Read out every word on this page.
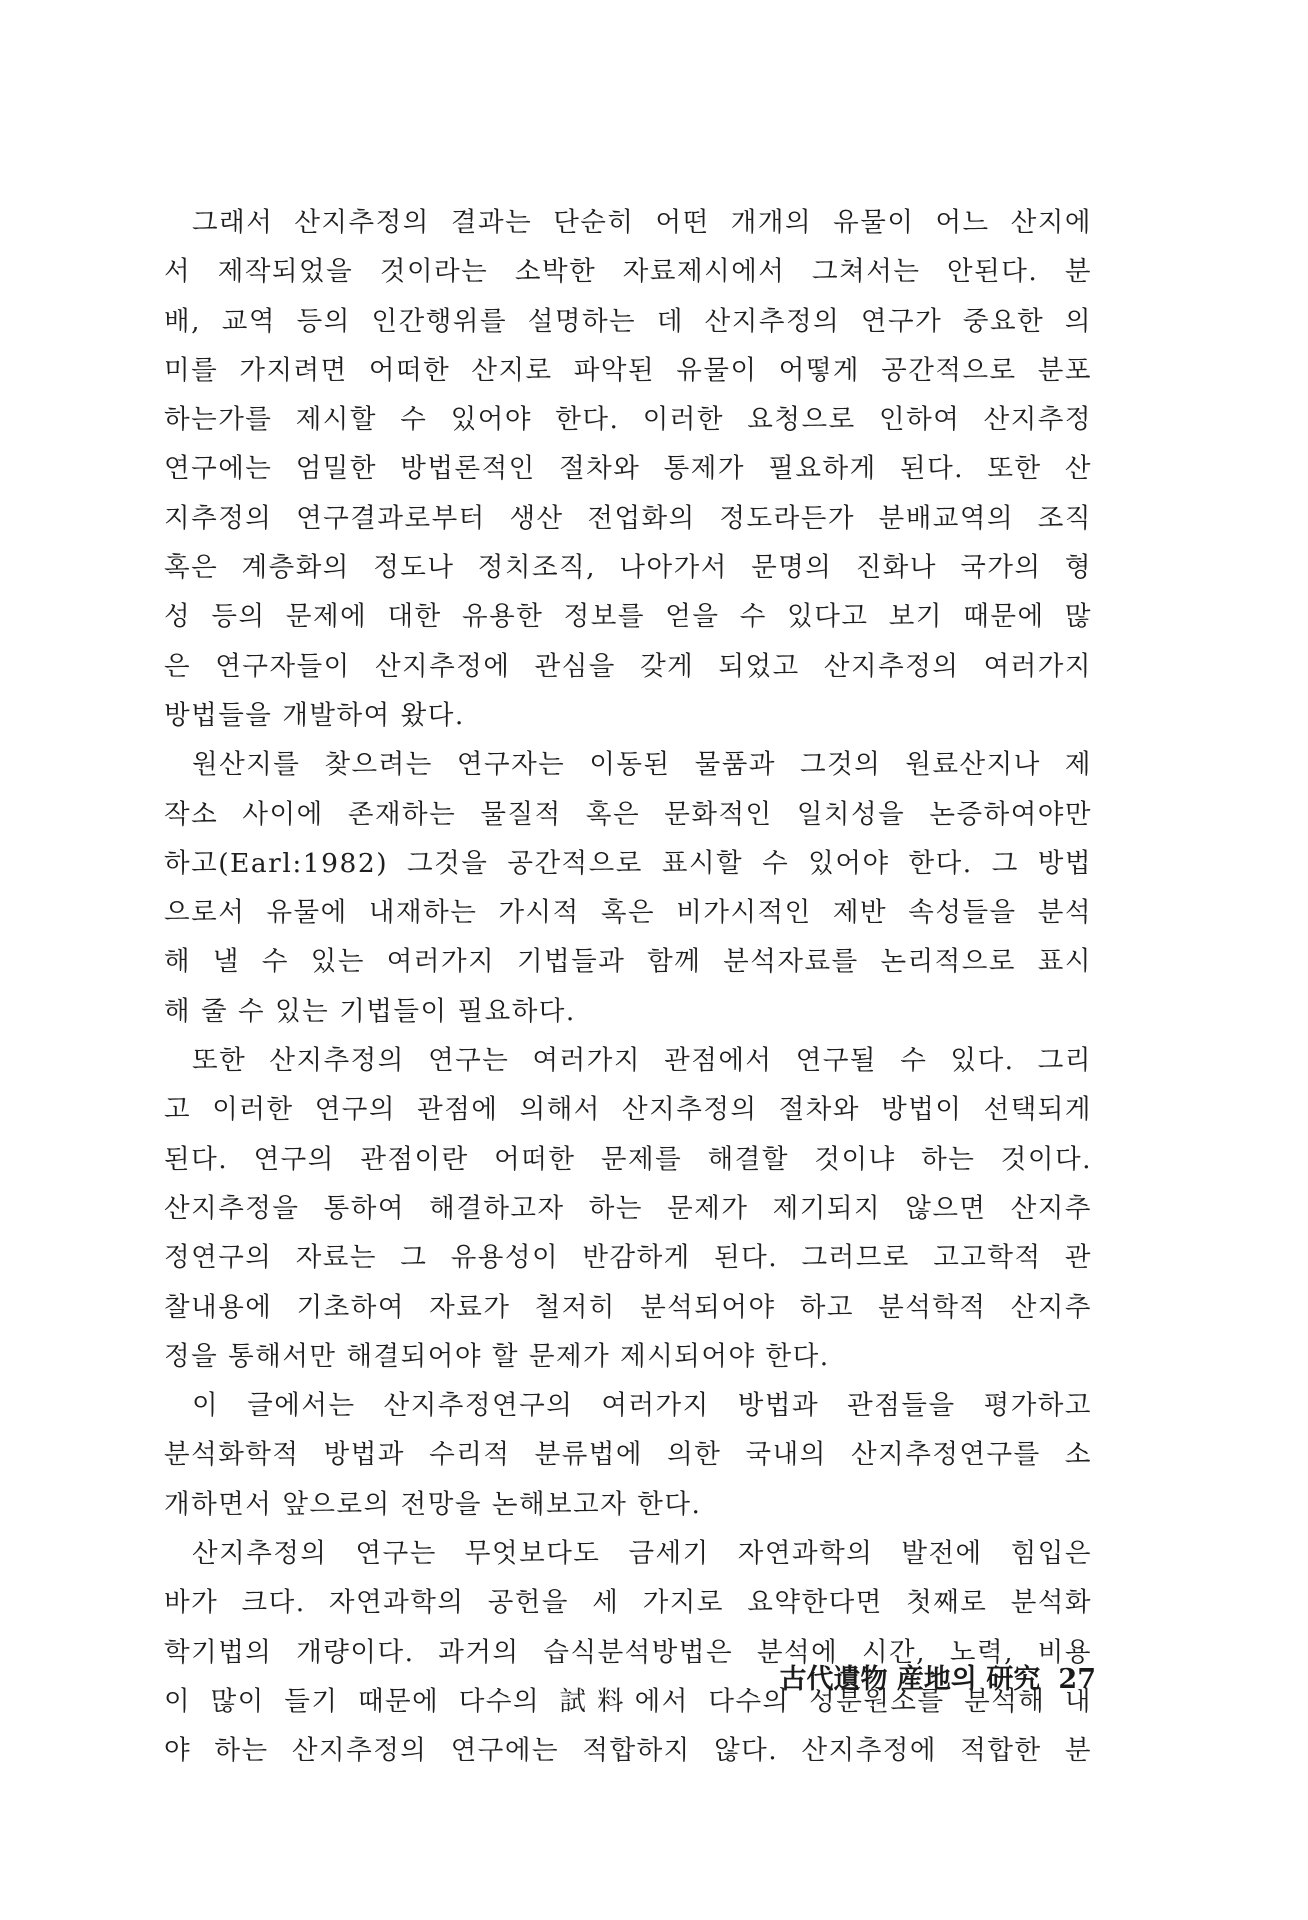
그래서 산지추정의 결과는 단순히 어떤 개개의 유물이 어느 산지에
서 제작되었을 것이라는 소박한 자료제시에서 그쳐서는 안된다. 분
배, 교역 등의 인간행위를 설명하는 데 산지추정의 연구가 중요한 의
미를 가지려면 어떠한 산지로 파악된 유물이 어떻게 공간적으로 분포
하는가를 제시할 수 있어야 한다. 이러한 요청으로 인하여 산지추정
연구에는 엄밀한 방법론적인 절차와 통제가 필요하게 된다. 또한 산
지추정의 연구결과로부터 생산 전업화의 정도라든가 분배교역의 조직
혹은 계층화의 정도나 정치조직, 나아가서 문명의 진화나 국가의 형
성 등의 문제에 대한 유용한 정보를 얻을 수 있다고 보기 때문에 많
은 연구자들이 산지추정에 관심을 갖게 되었고 산지추정의 여러가지
방법들을 개발하여 왔다.
원산지를 찾으려는 연구자는 이동된 물품과 그것의 원료산지나 제
작소 사이에 존재하는 물질적 혹은 문화적인 일치성을 논증하여야만
하고(Earl:1982) 그것을 공간적으로 표시할 수 있어야 한다. 그 방법
으로서 유물에 내재하는 가시적 혹은 비가시적인 제반 속성들을 분석
해 낼 수 있는 여러가지 기법들과 함께 분석자료를 논리적으로 표시
해 줄 수 있는 기법들이 필요하다.
또한 산지추정의 연구는 여러가지 관점에서 연구될 수 있다. 그리
고 이러한 연구의 관점에 의해서 산지추정의 절차와 방법이 선택되게
된다. 연구의 관점이란 어떠한 문제를 해결할 것이냐 하는 것이다.
산지추정을 통하여 해결하고자 하는 문제가 제기되지 않으면 산지추
정연구의 자료는 그 유용성이 반감하게 된다. 그러므로 고고학적 관
찰내용에 기초하여 자료가 철저히 분석되어야 하고 분석학적 산지추
정을 통해서만 해결되어야 할 문제가 제시되어야 한다.
이 글에서는 산지추정연구의 여러가지 방법과 관점들을 평가하고
분석화학적 방법과 수리적 분류법에 의한 국내의 산지추정연구를 소
개하면서 앞으로의 전망을 논해보고자 한다.
산지추정의 연구는 무엇보다도 금세기 자연과학의 발전에 힘입은
바가 크다. 자연과학의 공헌을 세 가지로 요약한다면 첫째로 분석화
학기법의 개량이다. 과거의 습식분석방법은 분석에 시간, 노력, 비용
이 많이 들기 때문에 다수의 試料에서 다수의 성분원소를 분석해 내
야 하는 산지추정의 연구에는 적합하지 않다. 산지추정에 적합한 분
古代遺物 産地의 研究 27
